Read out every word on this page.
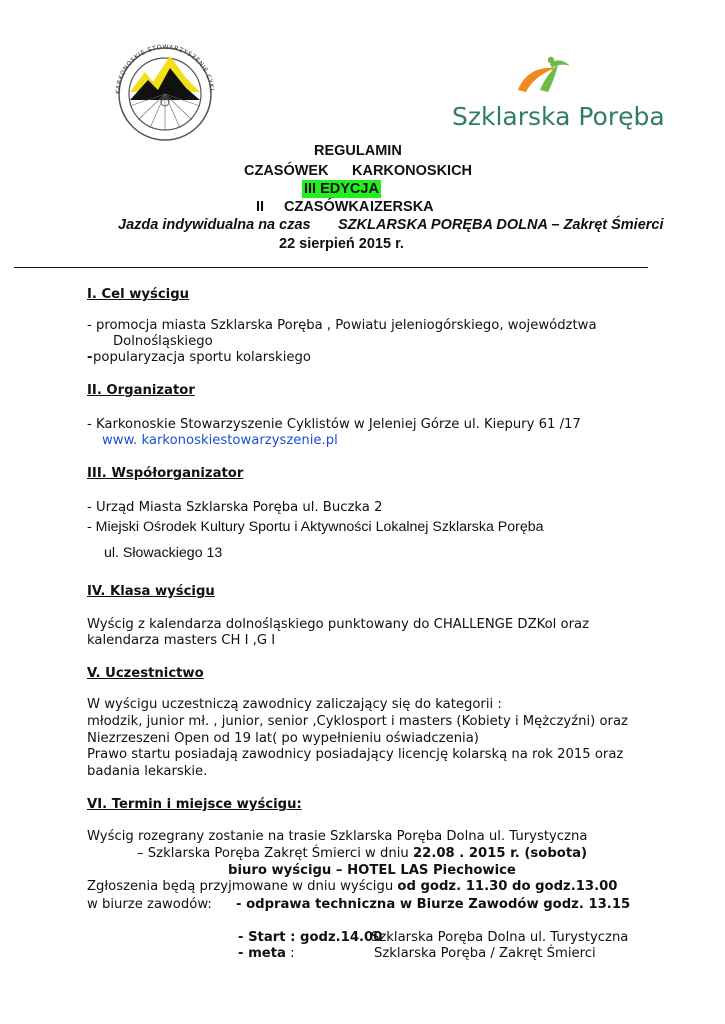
KARKONOSKIE STOWARZYSZENIE CYKL
Szklarska Poręba
REGULAMIN
CZASÓWEK KARKONOSKICH
III EDYCJA
II CZASÓWKA IZERSKA
Jazda indywidualna na czas SZKLARSKA PORĘBA DOLNA – Zakręt Śmierci
22 sierpień 2015 r.
I. Cel wyścigu
- promocja miasta Szklarska Poręba , Powiatu jeleniogórskiego, województwa
Dolnośląskiego
- popularyzacja sportu kolarskiego
II. Organizator
- Karkonoskie Stowarzyszenie Cyklistów w Jeleniej Górze ul. Kiepury 61 /17
www. karkonoskiestowarzyszenie.pl
III. Współorganizator
- Urząd Miasta Szklarska Poręba ul. Buczka 2
- Miejski Ośrodek Kultury Sportu i Aktywności Lokalnej Szklarska Poręba
ul. Słowackiego 13
IV. Klasa wyścigu
Wyścig z kalendarza dolnośląskiego punktowany do CHALLENGE DZKol oraz
kalendarza masters CH I ,G I
V. Uczestnictwo
W wyścigu uczestniczą zawodnicy zaliczający się do kategorii :
młodzik, junior mł. , junior, senior ,Cyklosport i masters (Kobiety i Mężczyźni) oraz
Niezrzeszeni Open od 19 lat( po wypełnieniu oświadczenia)
Prawo startu posiadają zawodnicy posiadający licencję kolarską na rok 2015 oraz
badania lekarskie.
VI. Termin i miejsce wyścigu:
Wyścig rozegrany zostanie na trasie Szklarska Poręba Dolna ul. Turystyczna
– Szklarska Poręba Zakręt Śmierci w dniu 22.08 . 2015 r. (sobota)
biuro wyścigu – HOTEL LAS Piechowice
Zgłoszenia będą przyjmowane w dniu wyścigu od godz. 11.30 do godz.13.00
w biurze zawodów: - odprawa techniczna w Biurze Zawodów godz. 13.15
- Start : godz.14.00
Szklarska Poręba Dolna ul. Turystyczna
- meta :	Szklarska Poręba / Zakręt Śmierci
